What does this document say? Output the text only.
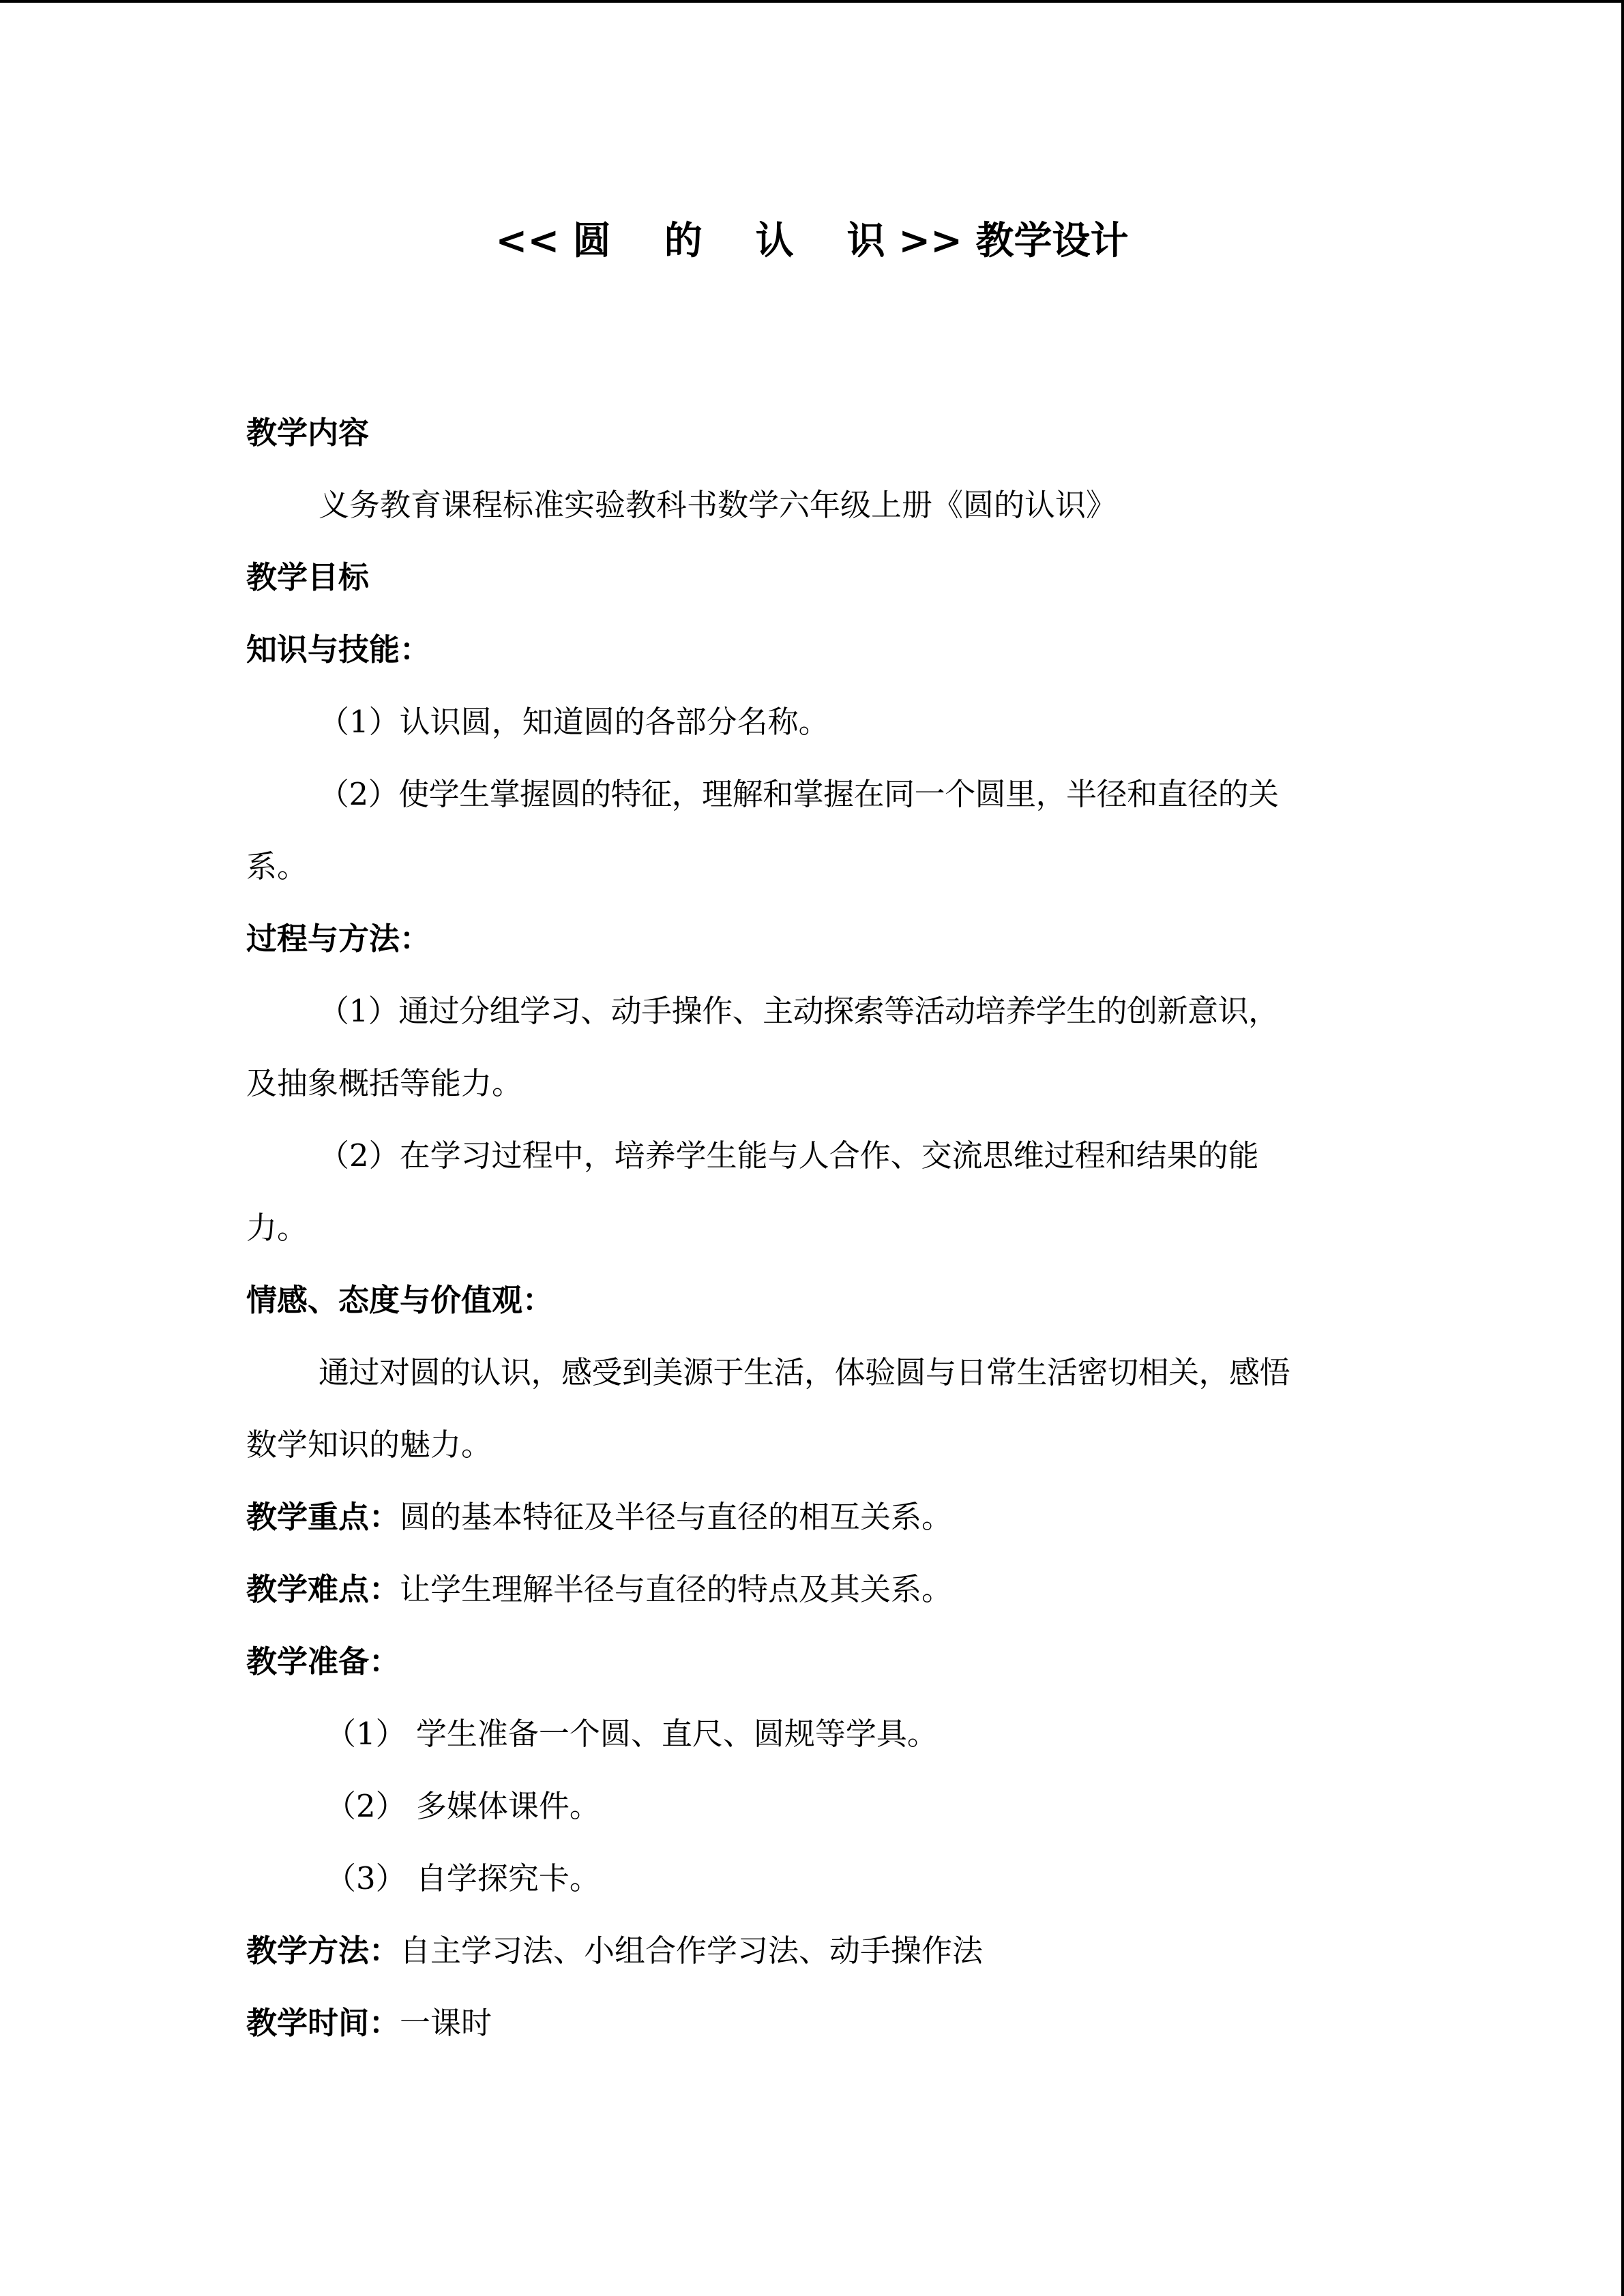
<< 圆    的    认    识 >> 教学设计
教学内容
义务教育课程标准实验教科书数学六年级上册《圆的认识》
教学目标
知识与技能：
（1）认识圆，知道圆的各部分名称。
（2）使学生掌握圆的特征，理解和掌握在同一个圆里，半径和直径的关
系。
过程与方法：
（1）通过分组学习、动手操作、主动探索等活动培养学生的创新意识，
及抽象概括等能力。
（2）在学习过程中，培养学生能与人合作、交流思维过程和结果的能
力。
情感、态度与价值观：
通过对圆的认识，感受到美源于生活，体验圆与日常生活密切相关，感悟
数学知识的魅力。
教学重点：圆的基本特征及半径与直径的相互关系。
教学难点：让学生理解半径与直径的特点及其关系。
教学准备：
（1） 学生准备一个圆、直尺、圆规等学具。
（2） 多媒体课件。
（3） 自学探究卡。
教学方法：自主学习法、小组合作学习法、动手操作法
教学时间：一课时
